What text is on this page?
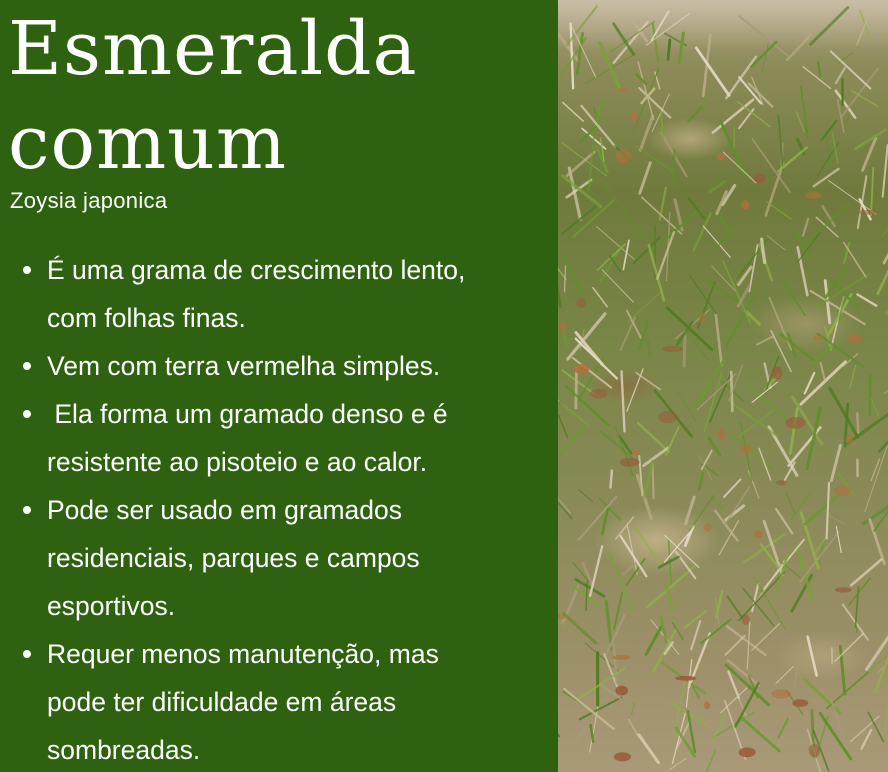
Esmeralda
comum
Zoysia japonica
É uma grama de crescimento lento,
com folhas finas.
Vem com terra vermelha simples.
Ela forma um gramado denso e é
resistente ao pisoteio e ao calor.
Pode ser usado em gramados
residenciais, parques e campos
esportivos.
Requer menos manutenção, mas
pode ter dificuldade em áreas
sombreadas.
